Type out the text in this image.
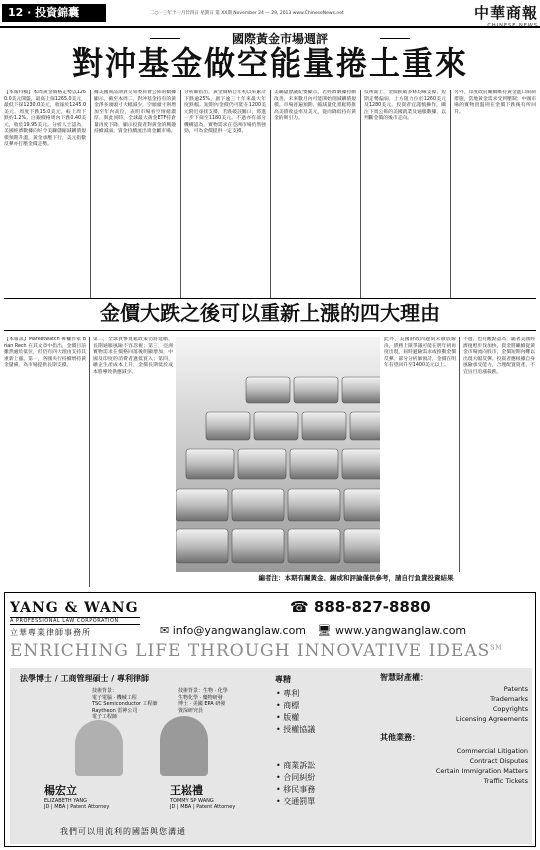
12 · 投資錦囊	二○一三年十一月廿四日 星期日 第 XX期 November 24 — 29, 2013 www.ChineseNews.net	中華商報
國際黃金市場週評
對沖基金做空能量捲土重來
【本報特稿】本周黃金價格走勢以1260.0美元開盤，最高上探1265.0美元，最低下探1230.0美元，收報於1245.0美元，周度下跌15.0美元，較上周下跌約1.2%。白銀價格周內下跌0.40美元，收於19.95美元。分析人士認為，美國經濟數據向好令美聯儲縮減購債規模預期升溫，黃金承壓下行，美元指數反彈亦打壓金價走勢。
據美國商品期貨交易委員會公佈的數據顯示，截至本周二，對沖基金持有的黃金淨多頭頭寸大幅減少，空頭頭寸則增加至年內高位，表明市場看空情緒濃厚。與此同時，全球最大黃金ETF持倉量再度下降，顯示投資者對黃金的興趣持續減弱，資金持續流出貴金屬市場。
分析師指出，黃金價格自年初以來累計下跌逾25%，創下逾三十年來最大年度跌幅。短期內金價仍可能在1200美元附近尋找支撐，若跌破該關口，將進一步下探至1180美元。不過亦有部分機構認為，實物需求在亞洲市場仍然強勁，可為金價提供一定支撐。
美聯儲會議紀要顯示，若經濟數據持續改善，未來數月內可能開始削減購債規模。市場普遍預期，縮減量化寬鬆將推高美債收益率及美元，從而降低持有黃金的吸引力。
技術面上，金價跌破多條均線支撐，短期走勢偏弱，上方阻力位於1260美元及1280美元。投資者宜謹慎操作，關注下周公佈的美國就業及通脹數據，以判斷金價的後市走向。
另外，印度政府繼續維持黃金進口限制措施，當地黃金需求受到壓制；中國市場的實物買盤則在金價下跌後有所回升。
金價大跌之後可以重新上漲的四大理由
【本報訊】Marketwatch 專欄作家 Brian Rech 在其文章中指出，金價目前雖然處於低位，但仍有四大理由支持其重新上漲。第一，各國央行持續增持黃金儲備，為市場提供長期支撐。
第二，全球貨幣寬鬆政策仍將延續，長期通脹風險不容忽視；第三，亞洲實物需求在價格回落後明顯增加，中國及印度的消費者逢低買入；第四，礦企生產成本上升，金價長期低於成本將導致供應減少。
此外，美國財政問題尚未徹底解決，債務上限爭議可能在明年初再度出現，屆時避險需求或推動金價反彈。部分分析師預計，金價在明年有望回升至1400美元以上。
不過，也有觀點認為，隨著美國經濟復甦步伐加快，資金將繼續從黃金市場流向股市，金價短期內難以出現大幅反彈。投資者應根據自身風險承受能力，合理配置資產，不宜盲目追漲殺跌。
編者注：本期有關黃金、錫或和評論僅供參考，請自行負責投資結果
YANG & WANG
A PROFESSIONAL LAW CORPORATION
立華專業律師事務所
☎ 888-827-8880
✉ info@yangwanglaw.com 🖥 www.yangwanglaw.com
ENRICHING LIFE THROUGH INNOVATIVE IDEAS℠
法學博士 / 工商管理碩士 / 專利律師	專精
技術背景：
電子電腦 · 機械工程
TSC Semiconductor 工程師
Raytheon 雷神公司
電子工程師
技術背景：生物 · 化學
生物化學 · 藥物研發
博士 · 美國 EPA 研發
資深研究員
楊宏立
ELIZABETH YANG
JD | MBA | Patent Attorney
王崧禮
TOMMY SP WANG
JD | MBA | Patent Attorney
• 專利
• 商標
• 版權
• 授權協議
• 商業訴訟
• 合同糾紛
• 移民事務
• 交通罰單
智慧財產權：
Patents
Trademarks
Copyrights
Licensing Agreements
其他業務：
Commercial Litigation
Contract Disputes
Certain Immigration Matters
Traffic Tickets
我們可以用流利的國語與您溝通
